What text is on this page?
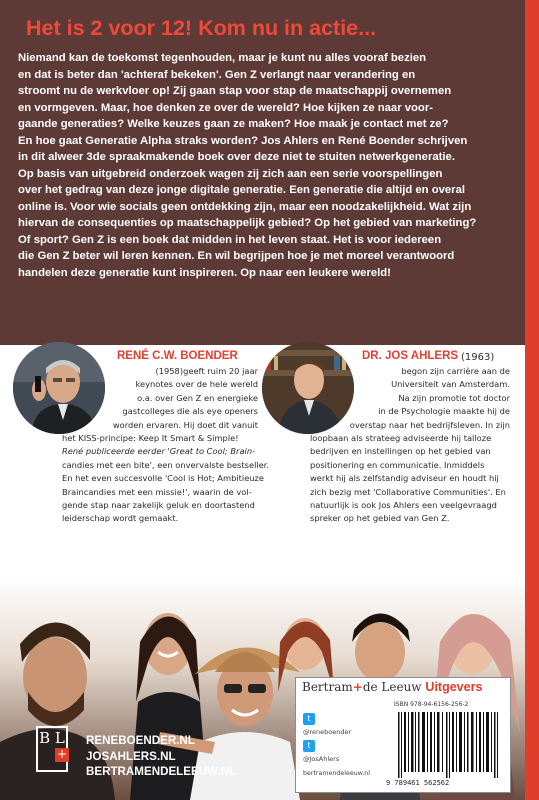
Het is 2 voor 12! Kom nu in actie...

Niemand kan de toekomst tegenhouden, maar je kunt nu alles vooraf bezien

en dat is beter dan 'achteraf bekeken'. Gen Z verlangt naar verandering en

stroomt nu de werkvloer op! Zij gaan stap voor stap de maatschappij overnemen

en vormgeven. Maar, hoe denken ze over de wereld? Hoe kijken ze naar voor-

gaande generaties? Welke keuzes gaan ze maken? Hoe maak je contact met ze?

En hoe gaat Generatie Alpha straks worden? Jos Ahlers en René Boender schrijven

in dit alweer 3de spraakmakende boek over deze niet te stuiten netwerkgeneratie.

Op basis van uitgebreid onderzoek wagen zij zich aan een serie voorspellingen

over het gedrag van deze jonge digitale generatie. Een generatie die altijd en overal

online is. Voor wie socials geen ontdekking zijn, maar een noodzakelijkheid. Wat zijn

hiervan de consequenties op maatschappelijk gebied? Op het gebied van marketing?

Of sport? Gen Z is een boek dat midden in het leven staat. Het is voor iedereen

die Gen Z beter wil leren kennen. En wil begrijpen hoe je met moreel verantwoord

handelen deze generatie kunt inspireren. Op naar een leukere wereld!

RENÉ C.W. BOENDER

(1958)geeft ruim 20 jaar

keynotes over de hele wereld

o.a. over Gen Z en energieke

gastcolleges die als eye openers

worden ervaren. Hij doet dit vanuit

het KISS-principe: Keep It Smart & Simple!

René publiceerde eerder 'Great to Cool; Brain-

candies met een bite', een onvervalste bestseller.

En het even succesvolle 'Cool is Hot; Ambitieuze

Braincandies met een missie!', waarin de vol-

gende stap naar zakelijk geluk en doortastend

leiderschap wordt gemaakt.

DR. JOS AHLERS (1963)

begon zijn carrière aan de

Universiteit van Amsterdam.

Na zijn promotie tot doctor

in de Psychologie maakte hij de

overstap naar het bedrijfsleven. In zijn

loopbaan als strateeg adviseerde hij talloze

bedrijven en instellingen op het gebied van

positionering en communicatie. Inmiddels

werkt hij als zelfstandig adviseur en houdt hij

zich bezig met 'Collaborative Communities'. En

natuurlijk is ook Jos Ahlers een veelgevraagd

spreker op het gebied van Gen Z.

B L
+
RENEBOENDER.NL
JOSAHLERS.NL
BERTRAMENDELEEUW.NL
Bertram+de Leeuw Uitgevers
ISBN 978-94-6156-256-2
t
@reneboender
t
@JosAhlers
bertramendeleeuw.nl
9 789461 562562
